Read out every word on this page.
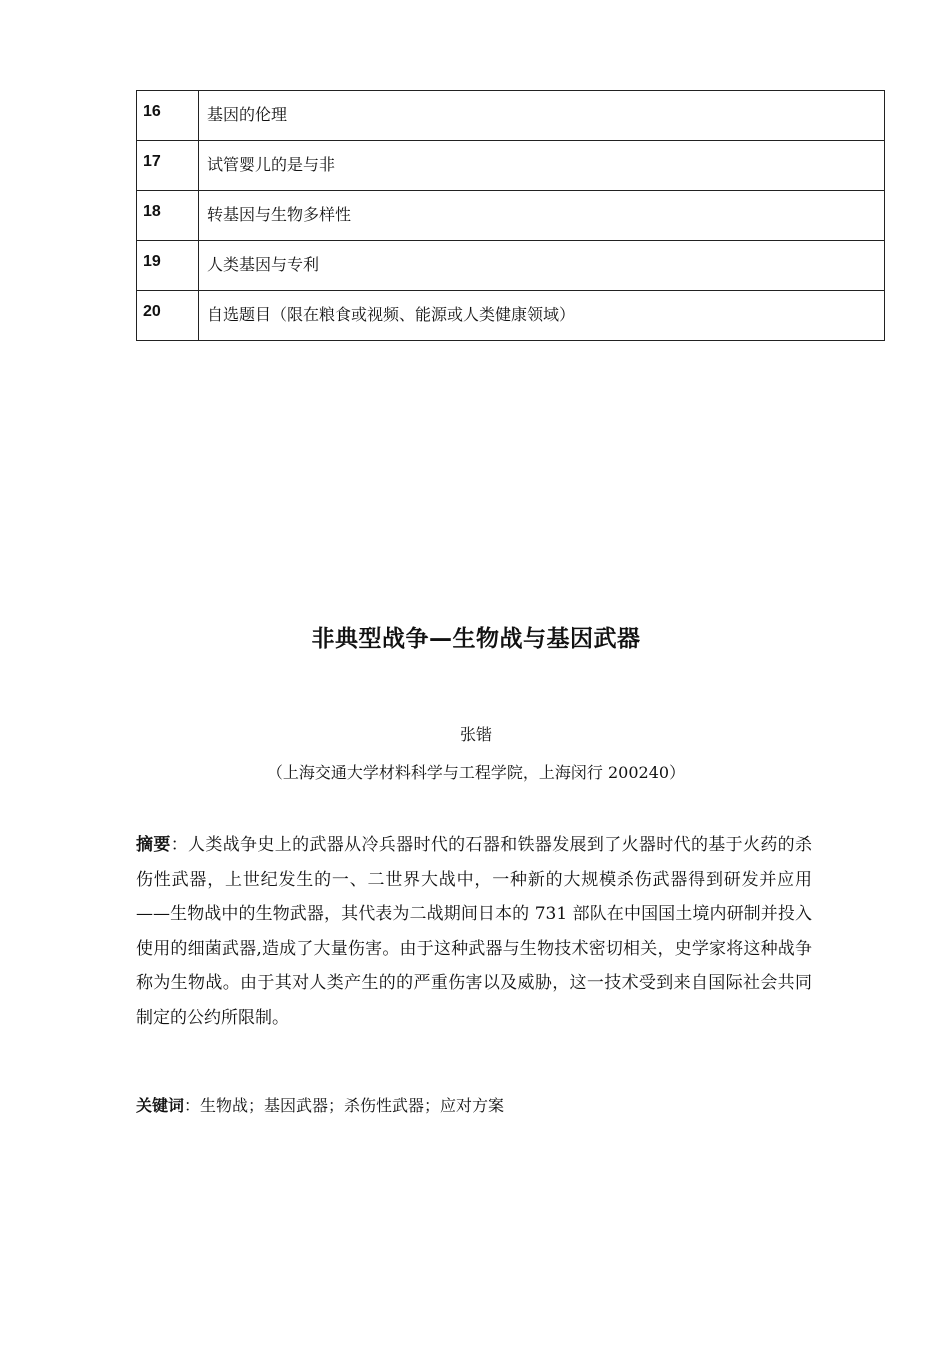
16	基因的伦理
17	试管婴儿的是与非
18	转基因与生物多样性
19	人类基因与专利
20	自选题目（限在粮食或视频、能源或人类健康领域）
非典型战争—生物战与基因武器
张锴
（上海交通大学材料科学与工程学院，上海闵行 200240）

摘要：人类战争史上的武器从冷兵器时代的石器和铁器发展到了火器时代的基于火药的杀伤性武器，上世纪发生的一、二世界大战中，一种新的大规模杀伤武器得到研发并应用——生物战中的生物武器，其代表为二战期间日本的 731 部队在中国国土境内研制并投入使用的细菌武器,造成了大量伤害。由于这种武器与生物技术密切相关，史学家将这种战争称为生物战。由于其对人类产生的的严重伤害以及威胁，这一技术受到来自国际社会共同制定的公约所限制。

关键词：生物战；基因武器；杀伤性武器；应对方案
